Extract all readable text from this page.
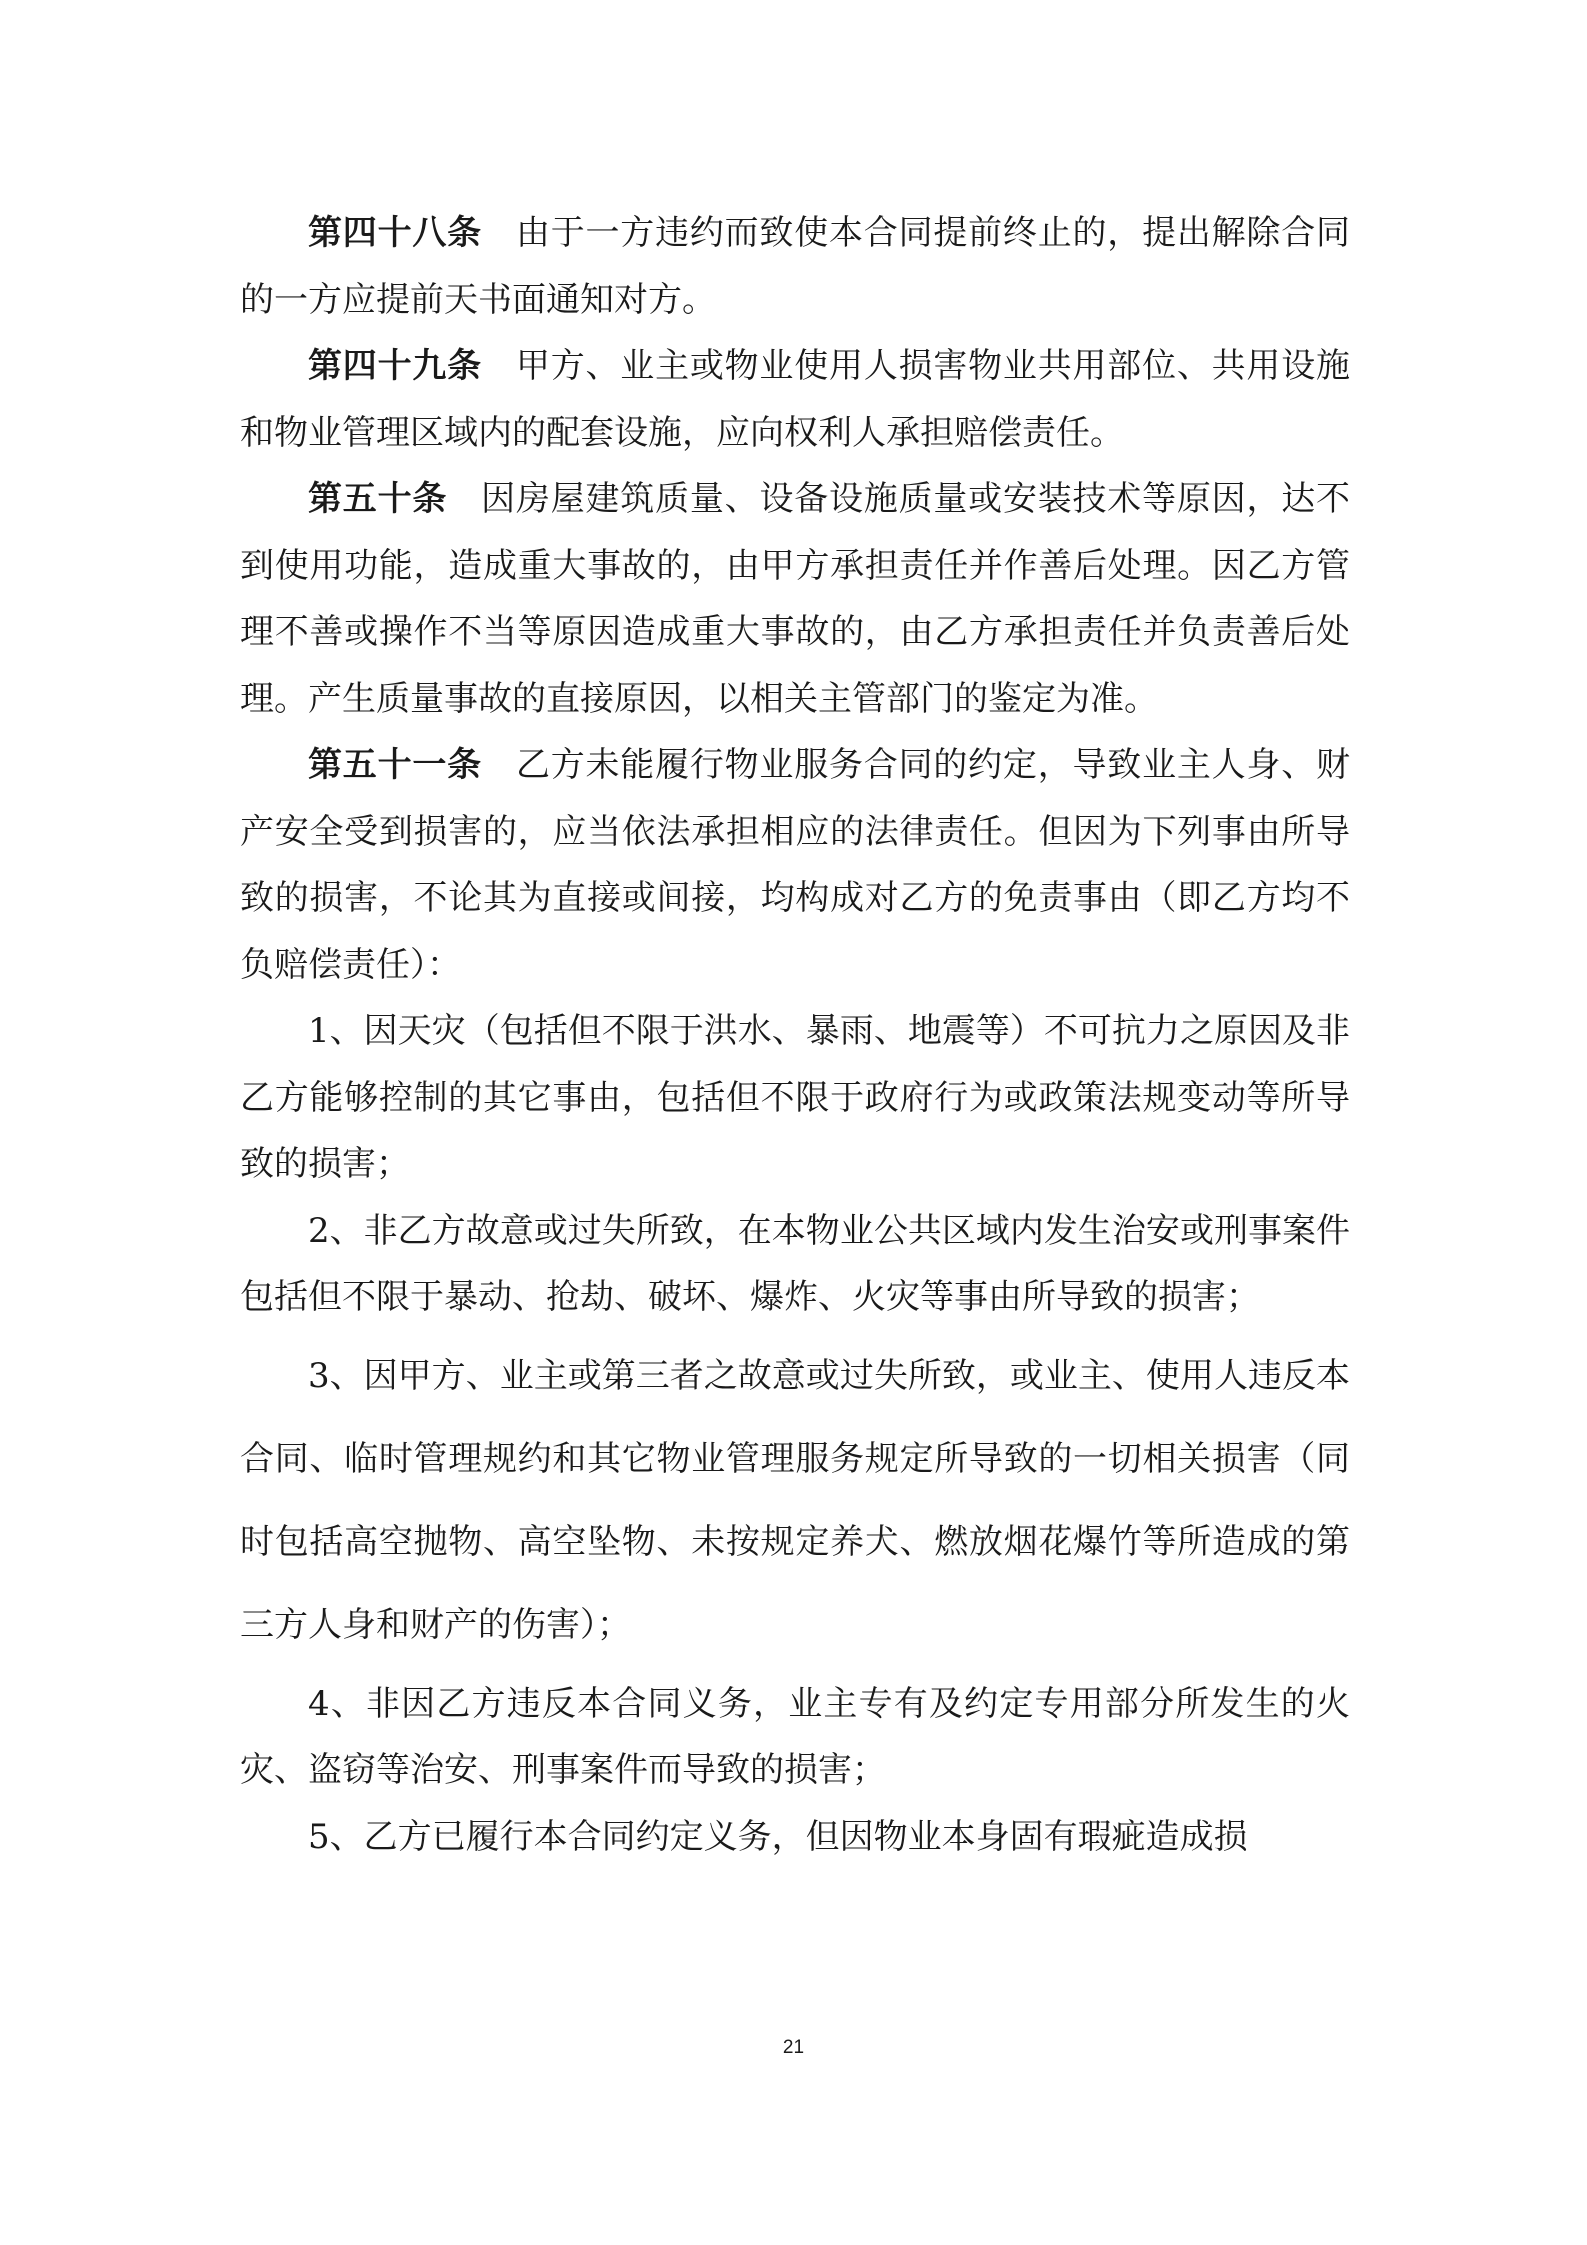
第四十八条 由于一方违约而致使本合同提前终止的，提出解除合同的一方应提前天书面通知对方。

第四十九条 甲方、业主或物业使用人损害物业共用部位、共用设施和物业管理区域内的配套设施，应向权利人承担赔偿责任。

第五十条 因房屋建筑质量、设备设施质量或安装技术等原因，达不到使用功能，造成重大事故的，由甲方承担责任并作善后处理。因乙方管理不善或操作不当等原因造成重大事故的，由乙方承担责任并负责善后处理。产生质量事故的直接原因，以相关主管部门的鉴定为准。

第五十一条 乙方未能履行物业服务合同的约定，导致业主人身、财产安全受到损害的，应当依法承担相应的法律责任。但因为下列事由所导致的损害，不论其为直接或间接，均构成对乙方的免责事由（即乙方均不负赔偿责任）：

1、因天灾（包括但不限于洪水、暴雨、地震等）不可抗力之原因及非乙方能够控制的其它事由，包括但不限于政府行为或政策法规变动等所导致的损害；

2、非乙方故意或过失所致，在本物业公共区域内发生治安或刑事案件包括但不限于暴动、抢劫、破坏、爆炸、火灾等事由所导致的损害；

3、因甲方、业主或第三者之故意或过失所致，或业主、使用人违反本合同、临时管理规约和其它物业管理服务规定所导致的一切相关损害（同时包括高空抛物、高空坠物、未按规定养犬、燃放烟花爆竹等所造成的第三方人身和财产的伤害）；

4、非因乙方违反本合同义务，业主专有及约定专用部分所发生的火灾、盗窃等治安、刑事案件而导致的损害；

5、乙方已履行本合同约定义务，但因物业本身固有瑕疵造成损

21
